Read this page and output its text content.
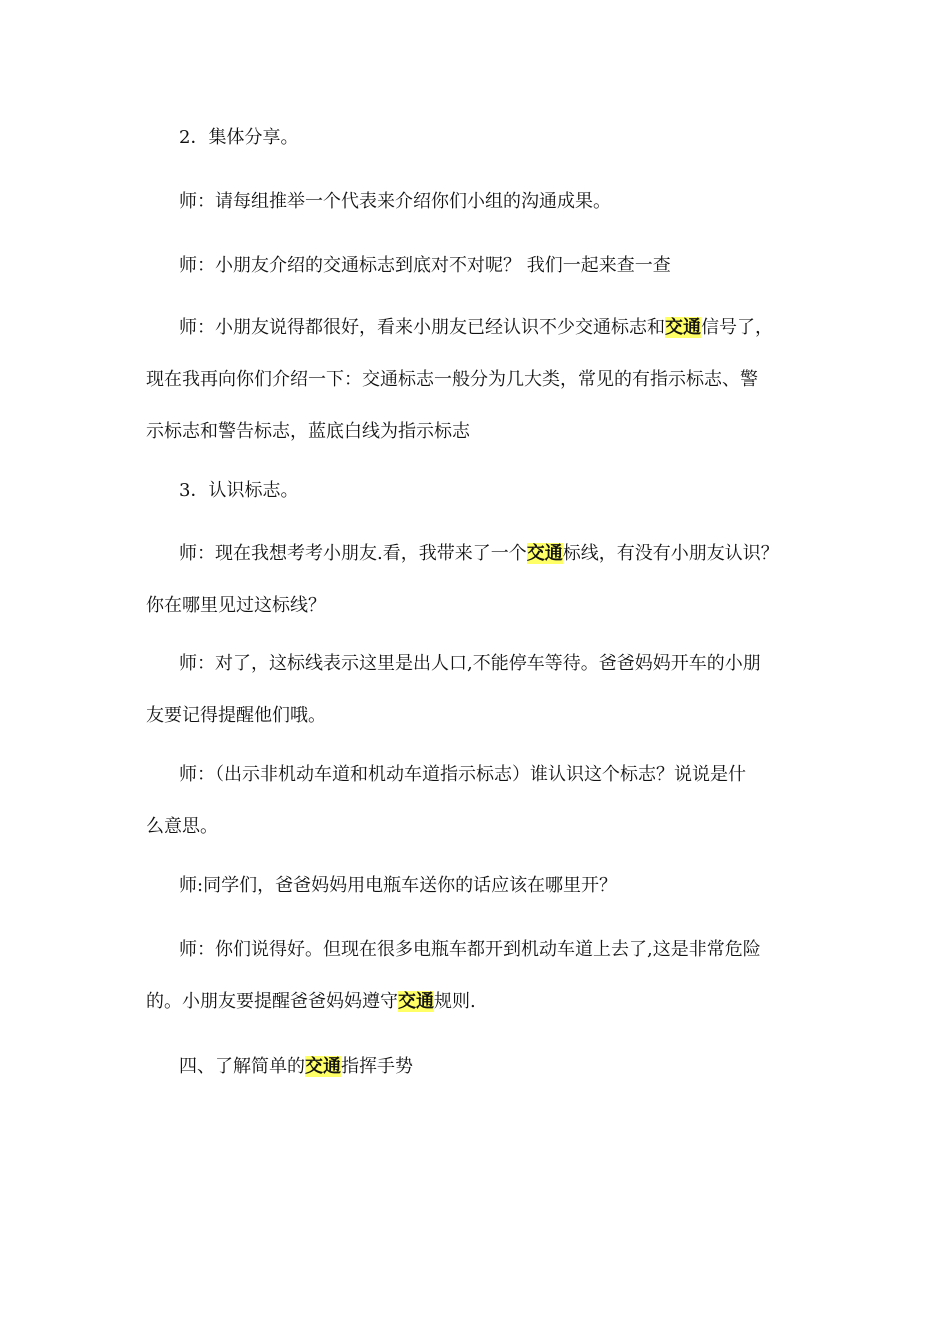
2．集体分享。
师：请每组推举一个代表来介绍你们小组的沟通成果。
师：小朋友介绍的交通标志到底对不对呢？ 我们一起来查一查
师：小朋友说得都很好，看来小朋友已经认识不少交通标志和交通信号了，
现在我再向你们介绍一下：交通标志一般分为几大类，常见的有指示标志、警
示标志和警告标志，蓝底白线为指示标志
3．认识标志。
师：现在我想考考小朋友.看，我带来了一个交通标线，有没有小朋友认识？
你在哪里见过这标线？
师：对了，这标线表示这里是出人口,不能停车等待。爸爸妈妈开车的小朋
友要记得提醒他们哦。
师：（出示非机动车道和机动车道指示标志）谁认识这个标志？说说是什
么意思。
师:同学们，爸爸妈妈用电瓶车送你的话应该在哪里开？
师：你们说得好。但现在很多电瓶车都开到机动车道上去了,这是非常危险
的。小朋友要提醒爸爸妈妈遵守交通规则.
四、了解简单的交通指挥手势
